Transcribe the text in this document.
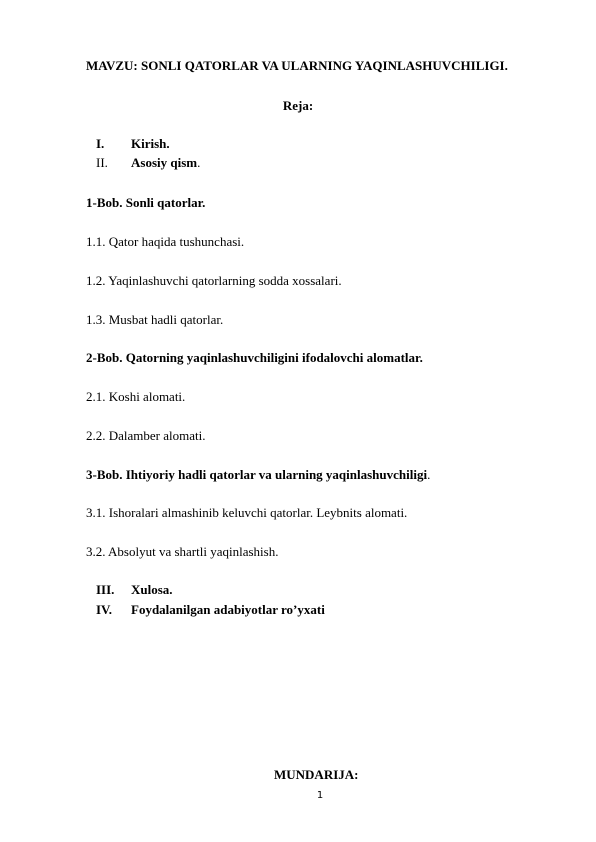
MAVZU: SONLI QATORLAR VA ULARNING YAQINLASHUVCHILIGI.
Reja:
I. Kirish.
II. Asosiy qism.
1-Bob. Sonli qatorlar.
1.1. Qator haqida tushunchasi.
1.2. Yaqinlashuvchi qatorlarning sodda xossalari.
1.3. Musbat hadli qatorlar.
2-Bob. Qatorning yaqinlashuvchiligini ifodalovchi alomatlar.
2.1. Koshi alomati.
2.2. Dalamber alomati.
3-Bob. Ihtiyoriy hadli qatorlar va ularning yaqinlashuvchiligi.
3.1. Ishoralari almashinib keluvchi qatorlar. Leybnits alomati.
3.2. Absolyut va shartli yaqinlashish.
III. Xulosa.
IV. Foydalanilgan adabiyotlar ro’yxati
MUNDARIJA:
1
